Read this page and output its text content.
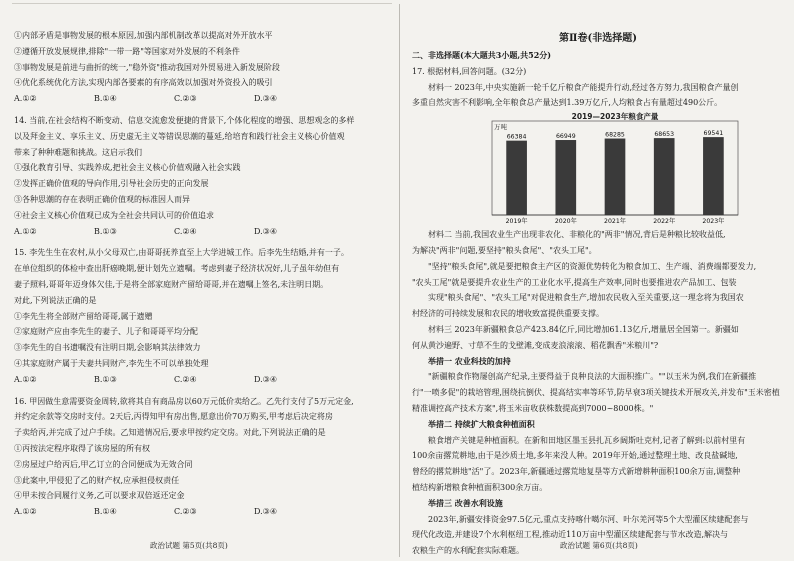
①内部矛盾是事物发展的根本原因,加强内部机制改革以提高对外开放水平
②遵循开放发展规律,排除"一带一路"等国家对外发展的不利条件
③事物发展是前进与曲折的统一,"稳外资"推动我国对外贸易进入新发展阶段
④优化系统优化方法,实现内部各要素的有序高效以加强对外资投入的吸引
A.①②	B.①④	C.②③	D.③④
14. 当前,在社会结构不断变动、信息交流愈发便捷的背景下,个体化程度的增强、思想观念的多样
以及拜金主义、享乐主义、历史虚无主义等错误思潮的蔓延,给培育和践行社会主义核心价值观
带来了种种难题和挑战。这启示我们
①强化教育引导、实践养成,把社会主义核心价值观融入社会实践
②发挥正确价值观的导向作用,引导社会历史的正向发展
③各种思潮的存在表明正确价值观的标准因人而异
④社会主义核心价值观已成为全社会共同认可的价值追求
A.①②	B.①③	C.②④	D.③④
15. 李先生生在农村,从小父母双亡,由哥哥抚养直至上大学进城工作。后李先生结婚,并有一子。
在单位组织的体检中查出肝癌晚期,便计划先立遗嘱。考虑到妻子经济状况好,儿子虽年幼但有
妻子照料,哥哥年迈身体欠佳,于是将全部家庭财产留给哥哥,并在遗嘱上签名,未注明日期。
对此,下列说法正确的是
①李先生将全部财产留给哥哥,属于遗赠
②家庭财产应由李先生的妻子、儿子和哥哥平均分配
③李先生的自书遗嘱没有注明日期,会影响其法律效力
④其家庭财产属于夫妻共同财产,李先生不可以单独处理
A.①②	B.①③	C.②④	D.③④
16. 甲因做生意需要资金周转,欲将其自有商品房以60万元低价卖给乙。乙先行支付了5万元定金,
并约定余款等交房时支付。2天后,丙得知甲有房出售,愿意出价70万购买,甲考虑后决定将房
子卖给丙,并完成了过户手续。乙知道情况后,要求甲按约定交房。对此,下列说法正确的是
①丙按法定程序取得了该房屋的所有权
②房屋过户给丙后,甲乙订立的合同便成为无效合同
③此案中,甲侵犯了乙的财产权,应承担侵权责任
④甲未按合同履行义务,乙可以要求双倍返还定金
A.①②	B.①④	C.②③	D.③④
政治试题 第5页(共8页)
第Ⅱ卷(非选择题)
二、非选择题(本大题共3小题,共52分)
17. 根据材料,回答问题。(32分)
材料一 2023年,中央实施新一轮千亿斤粮食产能提升行动,经过各方努力,我国粮食产量创
多重自然灾害不利影响,全年粮食总产量达到1.39万亿斤,人均粮食占有量超过490公斤。
2019—2023年粮食产量
万吨
66384
2019年
66949
2020年
68285
2021年
68653
2022年
69541
2023年
材料二 当前,我国农业生产出现非农化、非粮化的"两非"情况,背后是种粮比较收益低,
为解决"两非"问题,要坚持"粮头食尾"、"农头工尾"。
"坚持"粮头食尾",就是要把粮食主产区的资源优势转化为粮食加工、生产端、消费端都要发力,
"农头工尾"就是要提升农业生产的工业化水平,提高生产效率,同时也要推进农产品加工、包装
实现"粮头食尾"、"农头工尾"对促进粮食生产,增加农民收入至关重要,这一理念将为我国农
村经济的可持续发展和农民的增收致富提供重要支撑。
材料三 2023年新疆粮食总产423.84亿斤,同比增加61.13亿斤,增量居全国第一。新疆如
何从黄沙遍野、寸草不生的戈壁滩,变成麦浪滚滚、稻花飘香"米粮川"?
举措一 农业科技的加持
"新疆粮食作物屡创高产纪录,主要得益于良种良法的大面积推广。""以玉米为例,我们在新疆推
行"一喷多促"的栽培管理,围绕抗倒伏、提高结实率等环节,防早衰3项关键技术开展攻关,并发布"玉米密植
精准调控高产技术方案",将玉米亩收获株数提高到7000~8000株。"
举措二 持续扩大粮食种植面积
粮食增产关键是种植面积。在新和田地区墨玉县扎瓦乡阔斯吐克村,记者了解到:以前村里有
100余亩撂荒耕地,由于是沙质土地,多年来没人种。2019年开始,通过整理土地、改良盐碱地,
曾经的撂荒耕地"活"了。2023年,新疆通过撂荒地复垦等方式新增耕种面积100余万亩,调整种
植结构新增粮食种植面积300余万亩。
举措三 改善水利设施
2023年,新疆安排资金97.5亿元,重点支持喀什噶尔河、叶尔羌河等5个大型灌区续建配套与
现代化改造,并建设7个水利枢纽工程,推动近110万亩中型灌区续建配套与节水改造,解决与
农粮生产的水利配套实际难题。
政治试题 第6页(共8页)
